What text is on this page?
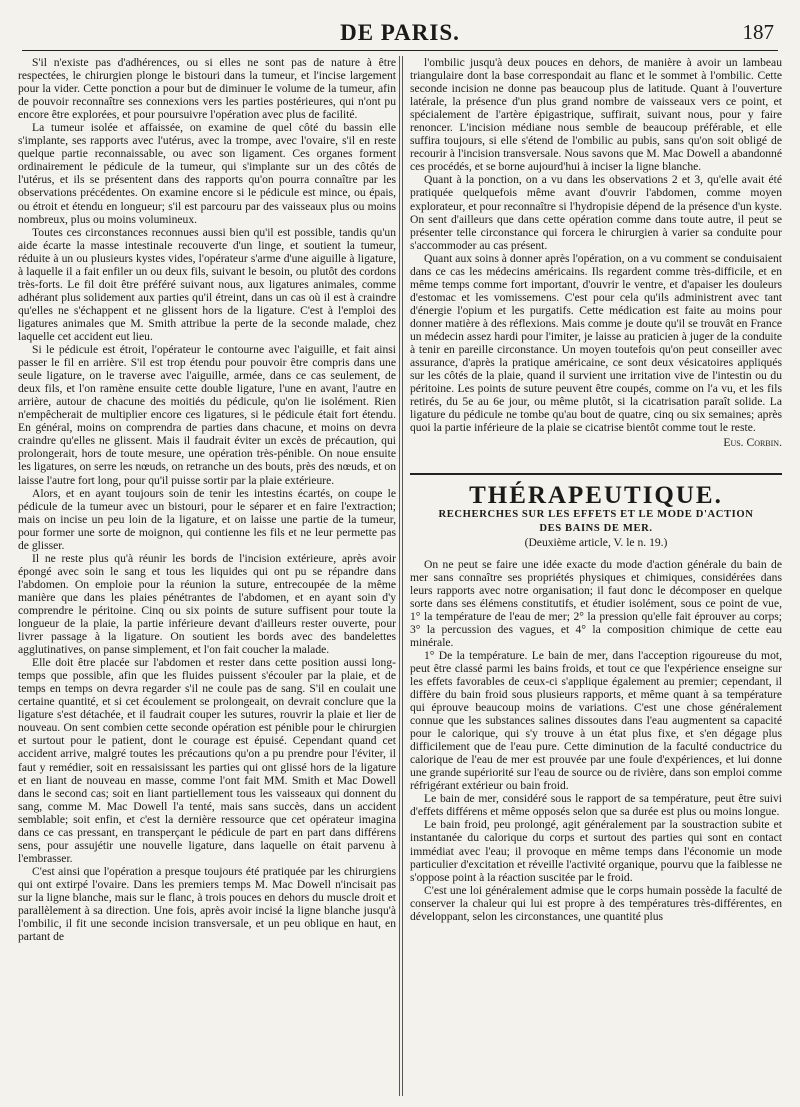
DE PARIS.	187

S'il n'existe pas d'adhérences, ou si elles ne sont pas de nature à être respectées, le chirurgien plonge le bistouri dans la tumeur, et l'incise largement pour la vider. Cette ponction a pour but de diminuer le volume de la tumeur, afin de pouvoir reconnaître ses connexions vers les parties postérieures, qui n'ont pu encore être explorées, et pour poursuivre l'opération avec plus de facilité.

La tumeur isolée et affaissée, on examine de quel côté du bassin elle s'implante, ses rapports avec l'utérus, avec la trompe, avec l'ovaire, s'il en reste quelque partie reconnaissable, ou avec son ligament. Ces organes forment ordinairement le pédicule de la tumeur, qui s'implante sur un des côtés de l'utérus, et ils se présentent dans des rapports qu'on pourra connaître par les observations précédentes. On examine encore si le pédicule est mince, ou épais, ou étroit et étendu en longueur; s'il est parcouru par des vaisseaux plus ou moins nombreux, plus ou moins volumineux.

Toutes ces circonstances reconnues aussi bien qu'il est possible, tandis qu'un aide écarte la masse intestinale recouverte d'un linge, et soutient la tumeur, réduite à un ou plusieurs kystes vides, l'opérateur s'arme d'une aiguille à ligature, à laquelle il a fait enfiler un ou deux fils, suivant le besoin, ou plutôt des cordons très-forts. Le fil doit être préféré suivant nous, aux ligatures animales, comme adhérant plus solidement aux parties qu'il étreint, dans un cas où il est à craindre qu'elles ne s'échappent et ne glissent hors de la ligature. C'est à l'emploi des ligatures animales que M. Smith attribue la perte de la seconde malade, chez laquelle cet accident eut lieu.

Si le pédicule est étroit, l'opérateur le contourne avec l'aiguille, et fait ainsi passer le fil en arrière. S'il est trop étendu pour pouvoir être compris dans une seule ligature, on le traverse avec l'aiguille, armée, dans ce cas seulement, de deux fils, et l'on ramène ensuite cette double ligature, l'une en avant, l'autre en arrière, autour de chacune des moitiés du pédicule, qu'on lie isolément. Rien n'empêcherait de multiplier encore ces ligatures, si le pédicule était fort étendu. En général, moins on comprendra de parties dans chacune, et moins on devra craindre qu'elles ne glissent. Mais il faudrait éviter un excès de précaution, qui prolongerait, hors de toute mesure, une opération très-pénible. On noue ensuite les ligatures, on serre les nœuds, on retranche un des bouts, près des nœuds, et on laisse l'autre fort long, pour qu'il puisse sortir par la plaie extérieure.

Alors, et en ayant toujours soin de tenir les intestins écartés, on coupe le pédicule de la tumeur avec un bistouri, pour le séparer et en faire l'extraction; mais on incise un peu loin de la ligature, et on laisse une partie de la tumeur, pour former une sorte de moignon, qui contienne les fils et ne leur permette pas de glisser.

Il ne reste plus qu'à réunir les bords de l'incision extérieure, après avoir épongé avec soin le sang et tous les liquides qui ont pu se répandre dans l'abdomen. On emploie pour la réunion la suture, entrecoupée de la même manière que dans les plaies pénétrantes de l'abdomen, et en ayant soin d'y comprendre le péritoine. Cinq ou six points de suture suffisent pour toute la longueur de la plaie, la partie inférieure devant d'ailleurs rester ouverte, pour livrer passage à la ligature. On soutient les bords avec des bandelettes agglutinatives, on panse simplement, et l'on fait coucher la malade.

Elle doit être placée sur l'abdomen et rester dans cette position aussi long-temps que possible, afin que les fluides puissent s'écouler par la plaie, et de temps en temps on devra regarder s'il ne coule pas de sang. S'il en coulait une certaine quantité, et si cet écoulement se prolongeait, on devrait conclure que la ligature s'est détachée, et il faudrait couper les sutures, rouvrir la plaie et lier de nouveau. On sent combien cette seconde opération est pénible pour le chirurgien et surtout pour le patient, dont le courage est épuisé. Cependant quand cet accident arrive, malgré toutes les précautions qu'on a pu prendre pour l'éviter, il faut y remédier, soit en ressaisissant les parties qui ont glissé hors de la ligature et en liant de nouveau en masse, comme l'ont fait MM. Smith et Mac Dowell dans le second cas; soit en liant partiellement tous les vaisseaux qui donnent du sang, comme M. Mac Dowell l'a tenté, mais sans succès, dans un accident semblable; soit enfin, et c'est la dernière ressource que cet opérateur imagina dans ce cas pressant, en transperçant le pédicule de part en part dans différens sens, pour assujétir une nouvelle ligature, dans laquelle on était parvenu à l'embrasser.

C'est ainsi que l'opération a presque toujours été pratiquée par les chirurgiens qui ont extirpé l'ovaire. Dans les premiers temps M. Mac Dowell n'incisait pas sur la ligne blanche, mais sur le flanc, à trois pouces en dehors du muscle droit et parallèlement à sa direction. Une fois, après avoir incisé la ligne blanche jusqu'à l'ombilic, il fit une seconde incision transversale, et un peu oblique en haut, en partant de

l'ombilic jusqu'à deux pouces en dehors, de manière à avoir un lambeau triangulaire dont la base correspondait au flanc et le sommet à l'ombilic. Cette seconde incision ne donne pas beaucoup plus de latitude. Quant à l'ouverture latérale, la présence d'un plus grand nombre de vaisseaux vers ce point, et spécialement de l'artère épigastrique, suffirait, suivant nous, pour y faire renoncer. L'incision médiane nous semble de beaucoup préférable, et elle suffira toujours, si elle s'étend de l'ombilic au pubis, sans qu'on soit obligé de recourir à l'incision transversale. Nous savons que M. Mac Dowell a abandonné ces procédés, et se borne aujourd'hui à inciser la ligne blanche.

Quant à la ponction, on a vu dans les observations 2 et 3, qu'elle avait été pratiquée quelquefois même avant d'ouvrir l'abdomen, comme moyen explorateur, et pour reconnaître si l'hydropisie dépend de la présence d'un kyste. On sent d'ailleurs que dans cette opération comme dans toute autre, il peut se présenter telle circonstance qui forcera le chirurgien à varier sa conduite pour s'accommoder au cas présent.

Quant aux soins à donner après l'opération, on a vu comment se conduisaient dans ce cas les médecins américains. Ils regardent comme très-difficile, et en même temps comme fort important, d'ouvrir le ventre, et d'apaiser les douleurs d'estomac et les vomissemens. C'est pour cela qu'ils administrent avec tant d'énergie l'opium et les purgatifs. Cette médication est faite au moins pour donner matière à des réflexions. Mais comme je doute qu'il se trouvât en France un médecin assez hardi pour l'imiter, je laisse au praticien à juger de la conduite à tenir en pareille circonstance. Un moyen toutefois qu'on peut conseiller avec assurance, d'après la pratique américaine, ce sont deux vésicatoires appliqués sur les côtés de la plaie, quand il survient une irritation vive de l'intestin ou du péritoine. Les points de suture peuvent être coupés, comme on l'a vu, et les fils retirés, du 5e au 6e jour, ou même plutôt, si la cicatrisation paraît solide. La ligature du pédicule ne tombe qu'au bout de quatre, cinq ou six semaines; après quoi la partie inférieure de la plaie se cicatrise bientôt comme tout le reste.

Eus. Corbin.

THÉRAPEUTIQUE.

RECHERCHES SUR LES EFFETS ET LE MODE D'ACTION

DES BAINS DE MER.

(Deuxième article, V. le n. 19.)

On ne peut se faire une idée exacte du mode d'action générale du bain de mer sans connaître ses propriétés physiques et chimiques, considérées dans leurs rapports avec notre organisation; il faut donc le décomposer en quelque sorte dans ses élémens constitutifs, et étudier isolément, sous ce point de vue, 1° la température de l'eau de mer; 2° la pression qu'elle fait éprouver au corps; 3° la percussion des vagues, et 4° la composition chimique de cette eau minérale.

1° De la température. Le bain de mer, dans l'acception rigoureuse du mot, peut être classé parmi les bains froids, et tout ce que l'expérience enseigne sur les effets favorables de ceux-ci s'applique également au premier; cependant, il diffère du bain froid sous plusieurs rapports, et même quant à sa température qui éprouve beaucoup moins de variations. C'est une chose généralement connue que les substances salines dissoutes dans l'eau augmentent sa capacité pour le calorique, qui s'y trouve à un état plus fixe, et s'en dégage plus difficilement que de l'eau pure. Cette diminution de la faculté conductrice du calorique de l'eau de mer est prouvée par une foule d'expériences, et lui donne une grande supériorité sur l'eau de source ou de rivière, dans son emploi comme réfrigérant extérieur ou bain froid.

Le bain de mer, considéré sous le rapport de sa température, peut être suivi d'effets différens et même opposés selon que sa durée est plus ou moins longue.

Le bain froid, peu prolongé, agit généralement par la soustraction subite et instantanée du calorique du corps et surtout des parties qui sont en contact immédiat avec l'eau; il provoque en même temps dans l'économie un mode particulier d'excitation et réveille l'activité organique, pourvu que la faiblesse ne s'oppose point à la réaction suscitée par le froid.

C'est une loi généralement admise que le corps humain possède la faculté de conserver la chaleur qui lui est propre à des températures très-différentes, en développant, selon les circonstances, une quantité plus
